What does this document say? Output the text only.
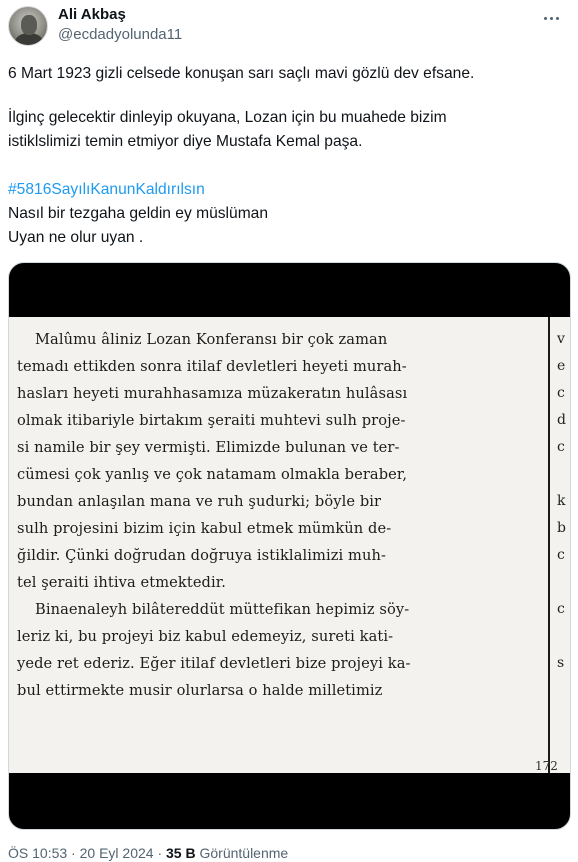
Ali Akbaş
@ecdadyolunda11

6 Mart 1923 gizli celsede konuşan sarı saçlı mavi gözlü dev efsane.

İlginç gelecektir dinleyip okuyana, Lozan için bu muahede bizim

istiklslimizi temin etmiyor diye Mustafa Kemal paşa.

#5816SayılıKanunKaldırılsın

Nasıl bir tezgaha geldin ey müslüman

Uyan ne olur uyan .

Malûmu âliniz Lozan Konferansı bir çok zaman
temadı ettikden sonra itilaf devletleri heyeti murah-
hasları heyeti murahhasamıza müzakeratın hulâsası
olmak itibariyle birtakım şeraiti muhtevi sulh proje-
si namile bir şey vermişti. Elimizde bulunan ve ter-
cümesi çok yanlış ve çok natamam olmakla beraber,
bundan anlaşılan mana ve ruh şudurki; böyle bir
sulh projesini bizim için kabul etmek mümkün de-
ğildir. Çünki doğrudan doğruya istiklalimizi muh-
tel şeraiti ihtiva etmektedir.
Binaenaleyh bilâtereddüt müttefikan hepimiz söy-
leriz ki, bu projeyi biz kabul edemeyiz, sureti kati-
yede ret ederiz. Eğer itilaf devletleri bize projeyi ka-
bul ettirmekte musir olurlarsa o halde milletimiz
v
e
c
d
c
k
b
c
c
s
172
ÖS 10:53 · 20 Eyl 2024 · 35 B Görüntülenme
